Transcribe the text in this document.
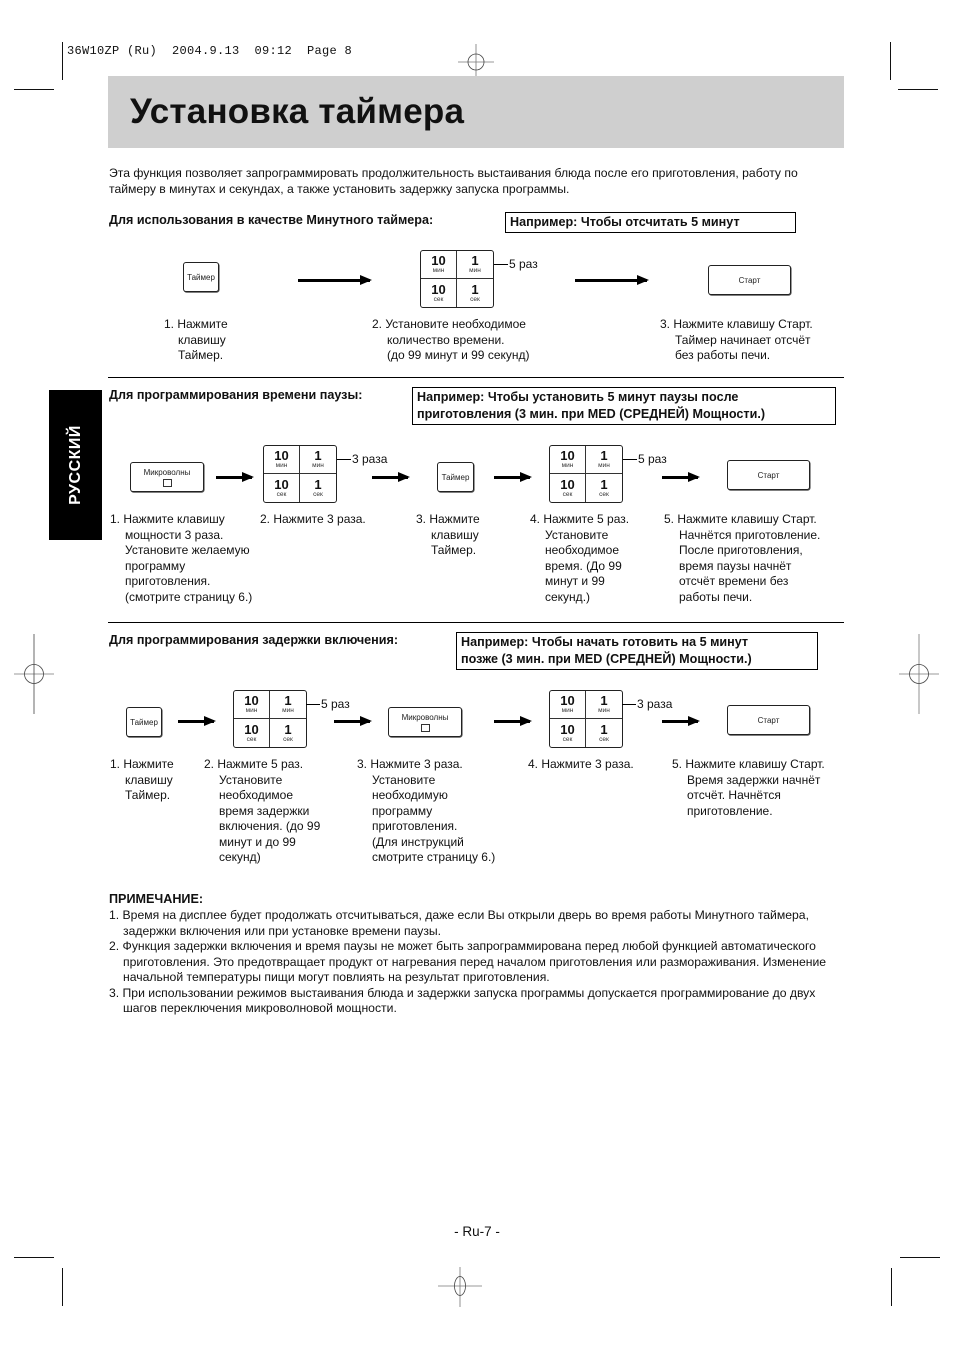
36W10ZP (Ru)  2004.9.13  09:12  Page 8
Установка таймера
Эта функция позволяет запрограммировать продолжительность выстаивания блюда после его приготовления, работу по таймеру в минутах и секундах, а также установить задержку запуска программы.
РУССКИЙ
Для использования в качестве Минутного таймера:	Например: Чтобы отсчитать 5 минут
Таймер
10
мин
1
мин
10
сек
1
сек
5 раз
Старт
1. Нажмите
клавишу
Таймер.
2. Установите необходимое
количество времени.
(до 99 минут и 99 секунд)
3. Нажмите клавишу Старт.
Таймер начинает отсчёт
без работы печи.
Для программирования времени паузы:	Например: Чтобы установить 5 минут паузы после
приготовления (3 мин. при MED (СРЕДНЕЙ) Мощности.)
Микроволны
10
мин
1
мин
10
сек
1
сек
3 раза
Таймер
10
мин
1
мин
10
сек
1
сек
5 раз
Старт
1. Нажмите клавишу
мощности 3 раза.
Установите желаемую
программу
приготовления.
(смотрите страницу 6.)
2. Нажмите 3 раза.	3. Нажмите
клавишу
Таймер.
4. Нажмите 5 раз.
Установите
необходимое
время. (До 99
минут и 99
секунд.)
5. Нажмите клавишу Старт.
Начнётся приготовление.
После приготовления,
время паузы начнёт
отсчёт времени без
работы печи.
Для программирования задержки включения:	Например: Чтобы начать готовить на 5 минут
позже (3 мин. при MED (СРЕДНЕЙ) Мощности.)
Таймер
10
мин
1
мин
10
сек
1
сек
5 раз
Микроволны
10
мин
1
мин
10
сек
1
сек
3 раза
Старт
1. Нажмите
клавишу
Таймер.
2. Нажмите 5 раз.
Установите
необходимое
время задержки
включения. (до 99
минут и до 99
секунд)
3. Нажмите 3 раза.
Установите
необходимую
программу
приготовления.
(Для инструкций
смотрите страницу 6.)
4. Нажмите 3 раза.	5. Нажмите клавишу Старт.
Время задержки начнёт
отсчёт. Начнётся
приготовление.
ПРИМЕЧАНИЕ:
1. Время на дисплее будет продолжать отсчитываться, даже если Вы открыли дверь во время работы Минутного таймера, задержки включения или при установке времени паузы.
2. Функция задержки включения и время паузы не может быть запрограммирована перед любой функцией автоматического приготовления. Это предотвращает продукт от нагревания перед началом приготовления или размораживания. Изменение начальной температуры пищи могут повлиять на результат приготовления.
3. При использовании режимов выстаивания блюда и задержки запуска программы допускается программирование до двух шагов переключения микроволновой мощности.
- Ru-7 -
